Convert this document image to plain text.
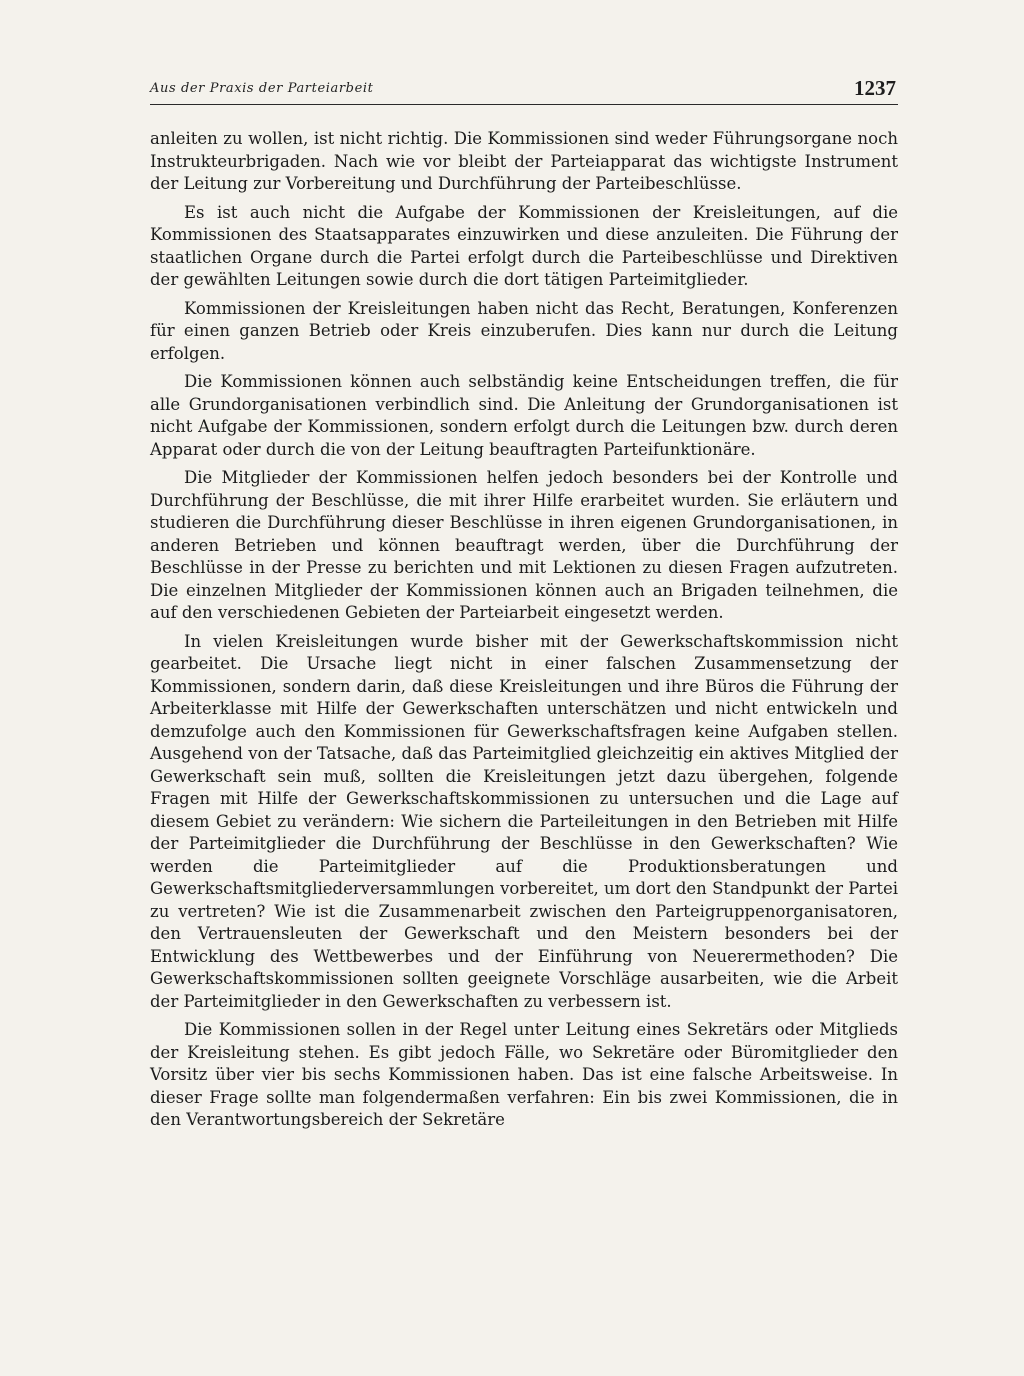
Aus der Praxis der Parteiarbeit	1237

anleiten zu wollen, ist nicht richtig. Die Kommissionen sind weder Führungsorgane noch Instrukteurbrigaden. Nach wie vor bleibt der Parteiapparat das wichtigste Instrument der Leitung zur Vorbereitung und Durchführung der Parteibeschlüsse.

Es ist auch nicht die Aufgabe der Kommissionen der Kreisleitungen, auf die Kommissionen des Staatsapparates einzuwirken und diese anzuleiten. Die Führung der staatlichen Organe durch die Partei erfolgt durch die Parteibeschlüsse und Direktiven der gewählten Leitungen sowie durch die dort tätigen Parteimitglieder.

Kommissionen der Kreisleitungen haben nicht das Recht, Beratungen, Konferenzen für einen ganzen Betrieb oder Kreis einzuberufen. Dies kann nur durch die Leitung erfolgen.

Die Kommissionen können auch selbständig keine Entscheidungen treffen, die für alle Grundorganisationen verbindlich sind. Die Anleitung der Grundorganisationen ist nicht Aufgabe der Kommissionen, sondern erfolgt durch die Leitungen bzw. durch deren Apparat oder durch die von der Leitung beauftragten Parteifunktionäre.

Die Mitglieder der Kommissionen helfen jedoch besonders bei der Kontrolle und Durchführung der Beschlüsse, die mit ihrer Hilfe erarbeitet wurden. Sie erläutern und studieren die Durchführung dieser Beschlüsse in ihren eigenen Grundorganisationen, in anderen Betrieben und können beauftragt werden, über die Durchführung der Beschlüsse in der Presse zu berichten und mit Lektionen zu diesen Fragen aufzutreten. Die einzelnen Mitglieder der Kommissionen können auch an Brigaden teilnehmen, die auf den verschiedenen Gebieten der Parteiarbeit eingesetzt werden.

In vielen Kreisleitungen wurde bisher mit der Gewerkschaftskommission nicht gearbeitet. Die Ursache liegt nicht in einer falschen Zusammensetzung der Kommissionen, sondern darin, daß diese Kreisleitungen und ihre Büros die Führung der Arbeiterklasse mit Hilfe der Gewerkschaften unterschätzen und nicht entwickeln und demzufolge auch den Kommissionen für Gewerkschaftsfragen keine Aufgaben stellen. Ausgehend von der Tatsache, daß das Parteimitglied gleichzeitig ein aktives Mitglied der Gewerkschaft sein muß, sollten die Kreisleitungen jetzt dazu übergehen, folgende Fragen mit Hilfe der Gewerkschaftskommissionen zu untersuchen und die Lage auf diesem Gebiet zu verändern: Wie sichern die Parteileitungen in den Betrieben mit Hilfe der Parteimitglieder die Durchführung der Beschlüsse in den Gewerkschaften? Wie werden die Parteimitglieder auf die Produktionsberatungen und Gewerkschaftsmitgliederversammlungen vorbereitet, um dort den Standpunkt der Partei zu vertreten? Wie ist die Zusammenarbeit zwischen den Parteigruppenorganisatoren, den Vertrauensleuten der Gewerkschaft und den Meistern besonders bei der Entwicklung des Wettbewerbes und der Einführung von Neuerermethoden? Die Gewerkschaftskommissionen sollten geeignete Vorschläge ausarbeiten, wie die Arbeit der Parteimitglieder in den Gewerkschaften zu verbessern ist.

Die Kommissionen sollen in der Regel unter Leitung eines Sekretärs oder Mitglieds der Kreisleitung stehen. Es gibt jedoch Fälle, wo Sekretäre oder Büromitglieder den Vorsitz über vier bis sechs Kommissionen haben. Das ist eine falsche Arbeitsweise. In dieser Frage sollte man folgendermaßen verfahren: Ein bis zwei Kommissionen, die in den Verantwortungsbereich der Sekretäre
